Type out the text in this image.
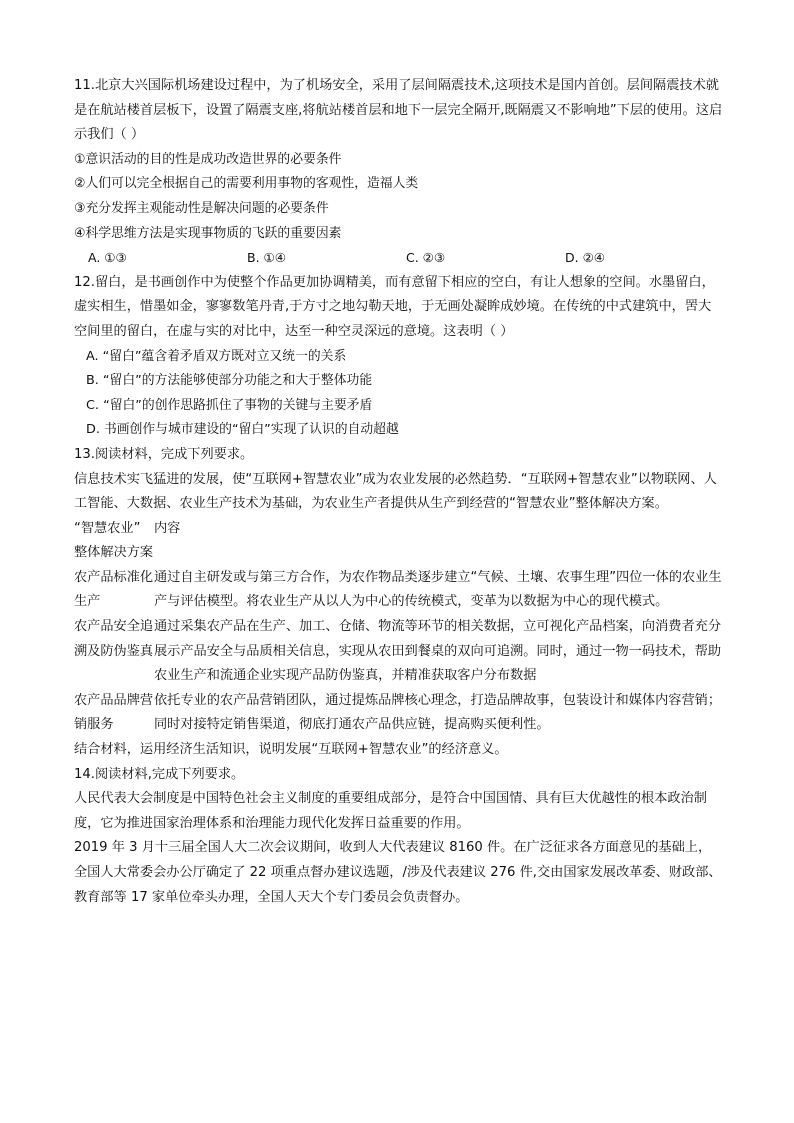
11.北京大兴国际机场建设过程中，为了机场安全，采用了层间隔震技术,这项技术是国内首创。层间隔震技术就是在航站楼首层板下，设置了隔震支座,将航站楼首层和地下一层完全隔开,既隔震又不影响地”下层的使用。这启示我们（ ）

①意识活动的目的性是成功改造世界的必要条件
②人们可以完全根据自己的需要利用事物的客观性，造福人类
③充分发挥主观能动性是解决问题的必要条件
④科学思维方法是实现事物质的飞跃的重要因素
A. ①③	B. ①④	C. ②③	D. ②④

12.留白，是书画创作中为使整个作品更加协调精美，而有意留下相应的空白，有让人想象的空间。水墨留白，虚实相生，惜墨如金，寥寥数笔丹青,于方寸之地勾勒天地，于无画处凝眸成妙境。在传统的中式建筑中，罟大空间里的留白，在虚与实的对比中，达至一种空灵深远的意境。这表明（ ）

A. “留白”蕴含着矛盾双方既对立又统一的关系
B. “留白”的方法能够使部分功能之和大于整体功能
C. “留白”的创作思路抓住了事物的关键与主要矛盾
D. 书画创作与城市建设的“留白”实现了认识的自动超越

13.阅读材料，完成下列要求。

信息技术实飞猛进的发展，使“互联网+智慧农业”成为农业发展的必然趋势．“互联网+智慧农业”以物联网、人工智能、大数据、农业生产技术为基础，为农业生产者提供从生产到经营的“智慧农业”整体解决方案。

“智慧农业” 整体解决方案	内容
农产品标准化生产	通过自主研发或与第三方合作，为农作物品类逐步建立“气候、土壤、农事生理”四位一体的农业生产与评估模型。将农业生产从以人为中心的传统模式，变革为以数据为中心的现代模式。
农产品安全追溯及防伪鉴真	通过采集农产品在生产、加工、仓储、物流等环节的相关数据，立可视化产品档案，向消费者充分展示产品安全与品质相关信息，实现从农田到餐桌的双向可追溯。同时，通过一物一码技术，帮助农业生产和流通企业实现产品防伪鉴真，并精准获取客户分布数据
农产品品牌营销服务	依托专业的农产品营销团队，通过提炼品牌核心理念，打造品牌故事，包装设计和媒体内容营销；同时对接特定销售渠道，彻底打通农产品供应链，提高购买便利性。

结合材料，运用经济生活知识，说明发展“互联网+智慧农业”的经济意义。

14.阅读材料,完成下列要求。

人民代表大会制度是中国特色社会主义制度的重要组成部分，是符合中国国情、具有巨大优越性的根本政治制度，它为推进国家治理体系和治理能力现代化发挥日益重要的作用。

2019 年 3 月十三届全国人大二次会议期间，收到人大代表建议 8160 件。在广泛征求各方面意见的基础上，全国人大常委会办公厅确定了 22 项重点督办建议选题，/涉及代表建议 276 件,交由国家发展改革委、财政部、教育部等 17 家单位牵头办理，全国人天大个专门委员会负责督办。
